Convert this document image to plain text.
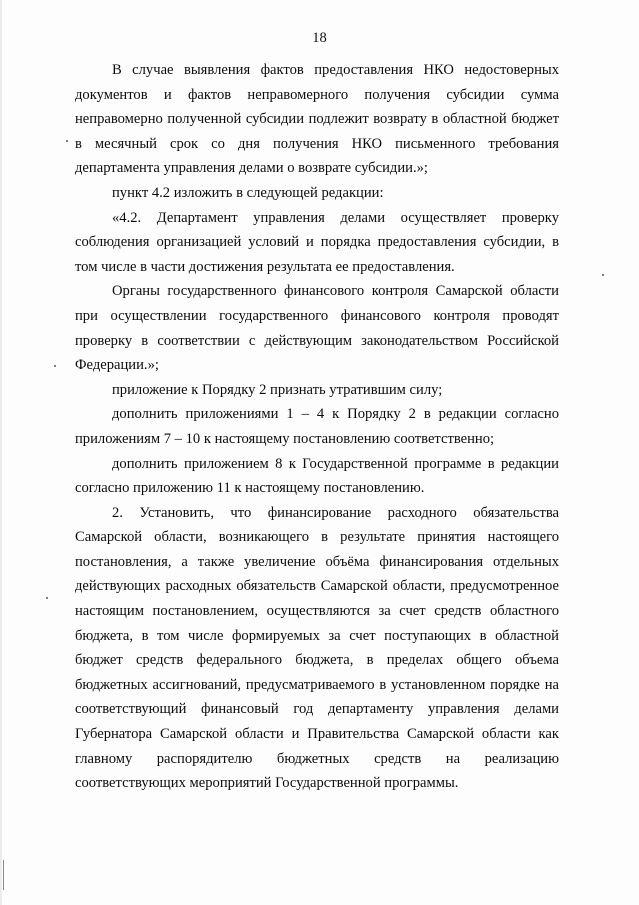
18

В случае выявления фактов предоставления НКО недостоверных документов и фактов неправомерного получения субсидии сумма неправомерно полученной субсидии подлежит возврату в областной бюджет в месячный срок со дня получения НКО письменного требования департамента управления делами о возврате субсидии.»;

пункт 4.2 изложить в следующей редакции:

«4.2. Департамент управления делами осуществляет проверку соблюдения организацией условий и порядка предоставления субсидии, в том числе в части достижения результата ее предоставления.

Органы государственного финансового контроля Самарской области при осуществлении государственного финансового контроля проводят проверку в соответствии с действующим законодательством Российской Федерации.»;

приложение к Порядку 2 признать утратившим силу;

дополнить приложениями 1 – 4 к Порядку 2 в редакции согласно приложениям 7 – 10 к настоящему постановлению соответственно;

дополнить приложением 8 к Государственной программе в редакции согласно приложению 11 к настоящему постановлению.

2. Установить, что финансирование расходного обязательства Самарской области, возникающего в результате принятия настоящего постановления, а также увеличение объёма финансирования отдельных действующих расходных обязательств Самарской области, предусмотренное настоящим постановлением, осуществляются за счет средств областного бюджета, в том числе формируемых за счет поступающих в областной бюджет средств федерального бюджета, в пределах общего объема бюджетных ассигнований, предусматриваемого в установленном порядке на соответствующий финансовый год департаменту управления делами Губернатора Самарской области и Правительства Самарской области как главному распорядителю бюджетных средств на реализацию соответствующих мероприятий Государственной программы.
